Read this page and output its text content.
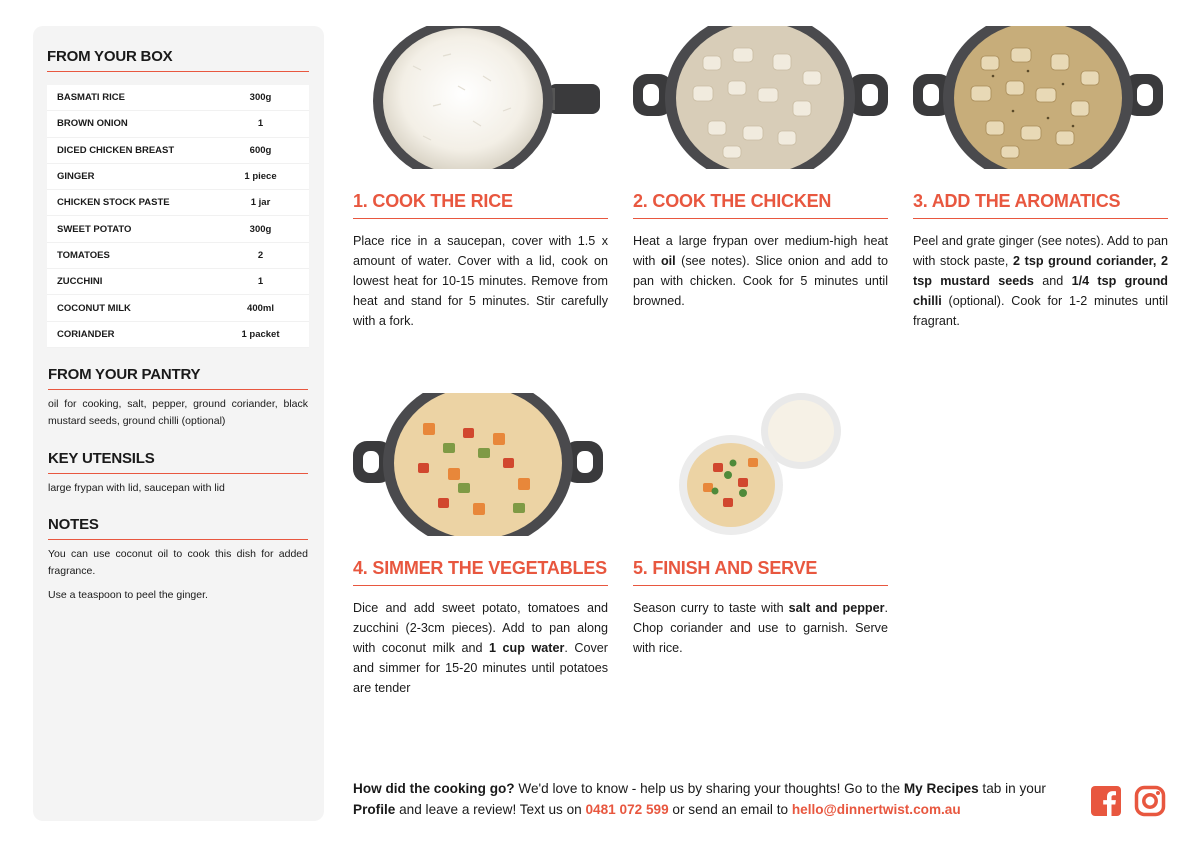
FROM YOUR BOX
BASMATI RICE	300g
BROWN ONION	1
DICED CHICKEN BREAST	600g
GINGER	1 piece
CHICKEN STOCK PASTE	1 jar
SWEET POTATO	300g
TOMATOES	2
ZUCCHINI	1
COCONUT MILK	400ml
CORIANDER	1 packet
FROM YOUR PANTRY
oil for cooking, salt, pepper, ground coriander, black mustard seeds, ground chilli (optional)
KEY UTENSILS
large frypan with lid, saucepan with lid
NOTES
You can use coconut oil to cook this dish for added fragrance.
Use a teaspoon to peel the ginger.
1. COOK THE RICE
Place rice in a saucepan, cover with 1.5 x amount of water. Cover with a lid, cook on lowest heat for 10-15 minutes. Remove from heat and stand for 5 minutes. Stir carefully with a fork.
2. COOK THE CHICKEN
Heat a large frypan over medium-high heat with oil (see notes). Slice onion and add to pan with chicken. Cook for 5 minutes until browned.
3. ADD THE AROMATICS
Peel and grate ginger (see notes). Add to pan with stock paste, 2 tsp ground coriander, 2 tsp mustard seeds and 1/4 tsp ground chilli (optional). Cook for 1-2 minutes until fragrant.
4. SIMMER THE VEGETABLES
Dice and add sweet potato, tomatoes and zucchini (2-3cm pieces). Add to pan along with coconut milk and 1 cup water. Cover and simmer for 15-20 minutes until potatoes are tender
5. FINISH AND SERVE
Season curry to taste with salt and pepper. Chop coriander and use to garnish. Serve with rice.
How did the cooking go? We'd love to know - help us by sharing your thoughts! Go to the My Recipes tab in your Profile and leave a review! Text us on 0481 072 599 or send an email to hello@dinnertwist.com.au
